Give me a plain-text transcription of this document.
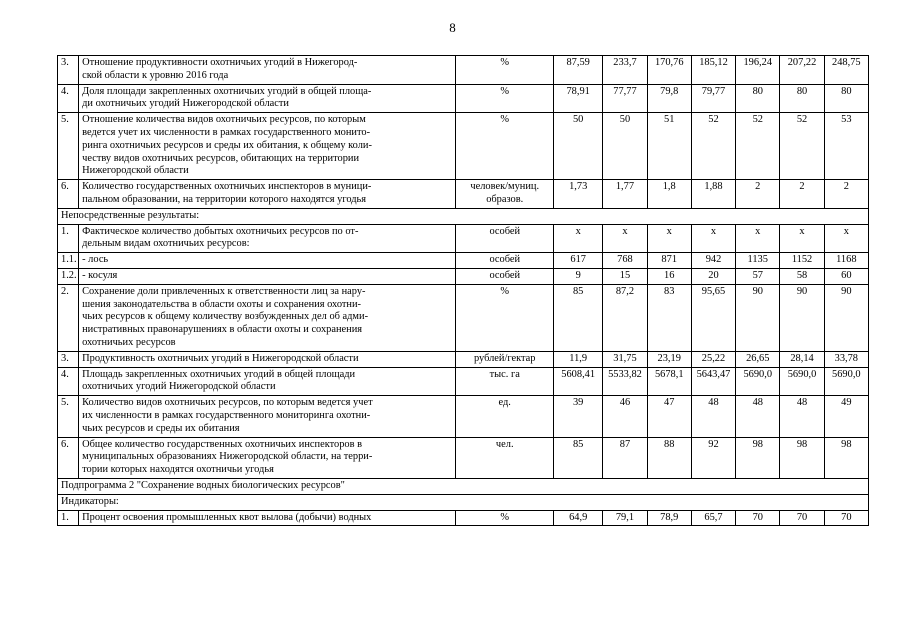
8
3.	Отношение продуктивности охотничьих угодий в Нижегород-
ской области к уровню 2016 года	%	87,59	233,7	170,76	185,12	196,24	207,22	248,75
4.	Доля площади закрепленных охотничьих угодий в общей площа-
ди охотничьих угодий Нижегородской области	%	78,91	77,77	79,8	79,77	80	80	80
5.	Отношение количества видов охотничьих ресурсов, по которым
ведется учет их численности в рамках государственного монито-
ринга охотничьих ресурсов и среды их обитания, к общему коли-
честву видов охотничьих ресурсов, обитающих на территории
Нижегородской области	%	50	50	51	52	52	52	53
6.	Количество государственных охотничьих инспекторов в муници-
пальном образовании, на территории которого находятся угодья	человек/муниц.
образов.	1,73	1,77	1,8	1,88	2	2	2
Непосредственные результаты:									
1.	Фактическое количество добытых охотничьих ресурсов по от-
дельным видам охотничьих ресурсов:	особей	х	х	х	х	х	х	х
1.1.	- лось	особей	617	768	871	942	1135	1152	1168
1.2.	- косуля	особей	9	15	16	20	57	58	60
2.	Сохранение доли привлеченных к ответственности лиц за нару-
шения законодательства в области охоты и сохранения охотни-
чьих ресурсов к общему количеству возбужденных дел об адми-
нистративных правонарушениях в области охоты и сохранения
охотничьих ресурсов	%	85	87,2	83	95,65	90	90	90
3.	Продуктивность охотничьих угодий в Нижегородской области	рублей/гектар	11,9	31,75	23,19	25,22	26,65	28,14	33,78
4.	Площадь закрепленных охотничьих угодий в общей площади
охотничьих угодий Нижегородской области	тыс. га	5608,41	5533,82	5678,1	5643,47	5690,0	5690,0	5690,0
5.	Количество видов охотничьих ресурсов, по которым ведется учет
их численности в рамках государственного мониторинга охотни-
чьих ресурсов и среды их обитания	ед.	39	46	47	48	48	48	49
6.	Общее количество государственных охотничьих инспекторов в
муниципальных образованиях Нижегородской области, на терри-
тории которых находятся охотничьи угодья	чел.	85	87	88	92	98	98	98
Подпрограмма 2 "Сохранение водных биологических ресурсов"									
Индикаторы:									
1.	Процент освоения промышленных квот вылова (добычи) водных	%	64,9	79,1	78,9	65,7	70	70	70
